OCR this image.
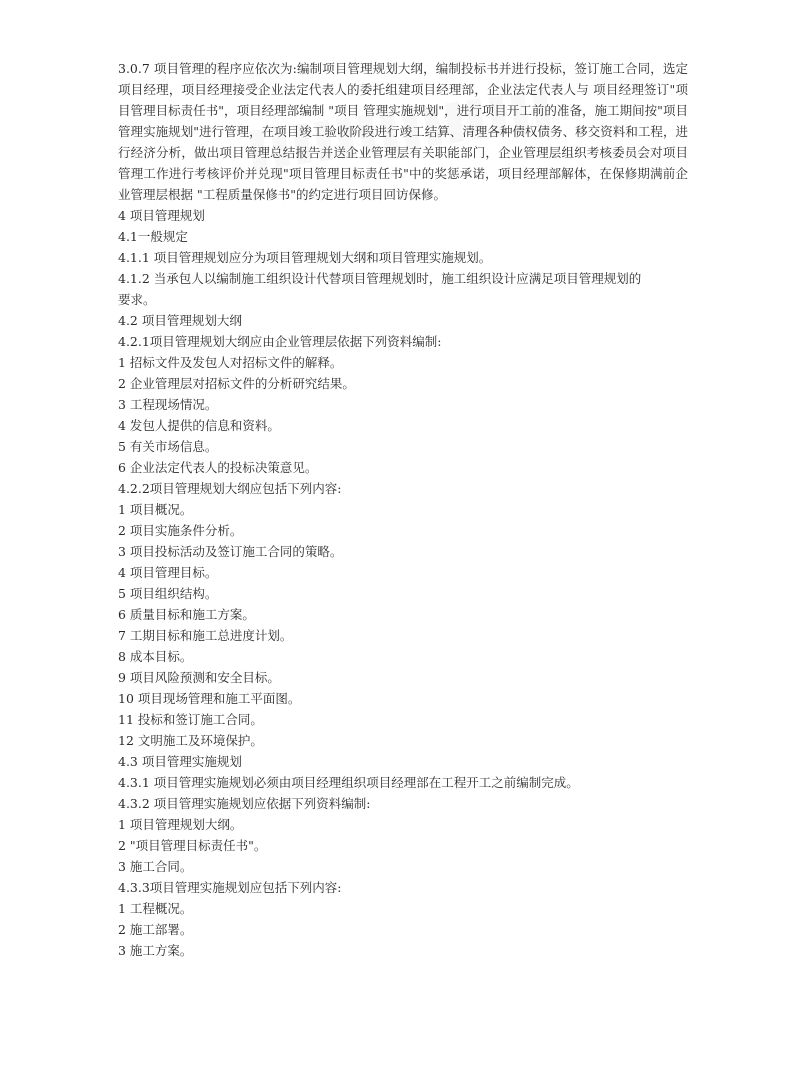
3.0.7 项目管理的程序应依次为:编制项目管理规划大纲，编制投标书并进行投标，签订施工合同，选定项目经理，项目经理接受企业法定代表人的委托组建项目经理部，企业法定代表人与 项目经理签订"项目管理目标责任书"，项目经理部编制 "项目 管理实施规划"，进行项目开工前的准备，施工期间按"项目管理实施规划"进行管理，在项目竣工验收阶段进行竣工结算、清理各种债权债务、移交资料和工程，进行经济分析，做出项目管理总结报告并送企业管理层有关职能部门，企业管理层组织考核委员会对项目管理工作进行考核评价并兑现"项目管理目标责任书"中的奖惩承诺，项目经理部解体，在保修期满前企业管理层根据 "工程质量保修书"的约定进行项目回访保修。

4 项目管理规划

4.1一般规定

4.1.1 项目管理规划应分为项目管理规划大纲和项目管理实施规划。

4.1.2 当承包人以编制施工组织设计代替项目管理规划时，施工组织设计应满足项目管理规划的

要求。

4.2 项目管理规划大纲

4.2.1项目管理规划大纲应由企业管理层依据下列资料编制:

1 招标文件及发包人对招标文件的解释。

2 企业管理层对招标文件的分析研究结果。

3 工程现场情况。

4 发包人提供的信息和资料。

5 有关市场信息。

6 企业法定代表人的投标决策意见。

4.2.2项目管理规划大纲应包括下列内容:

1 项目概况。

2 项目实施条件分析。

3 项目投标活动及签订施工合同的策略。

4 项目管理目标。

5 项目组织结构。

6 质量目标和施工方案。

7 工期目标和施工总进度计划。

8 成本目标。

9 项目风险预测和安全目标。

10 项目现场管理和施工平面图。

11 投标和签订施工合同。

12 文明施工及环境保护。

4.3 项目管理实施规划

4.3.1 项目管理实施规划必须由项目经理组织项目经理部在工程开工之前编制完成。

4.3.2 项目管理实施规划应依据下列资料编制:

1 项目管理规划大纲。

2 "项目管理目标责任书"。

3 施工合同。

4.3.3项目管理实施规划应包括下列内容:

1 工程概况。

2 施工部署。

3 施工方案。
